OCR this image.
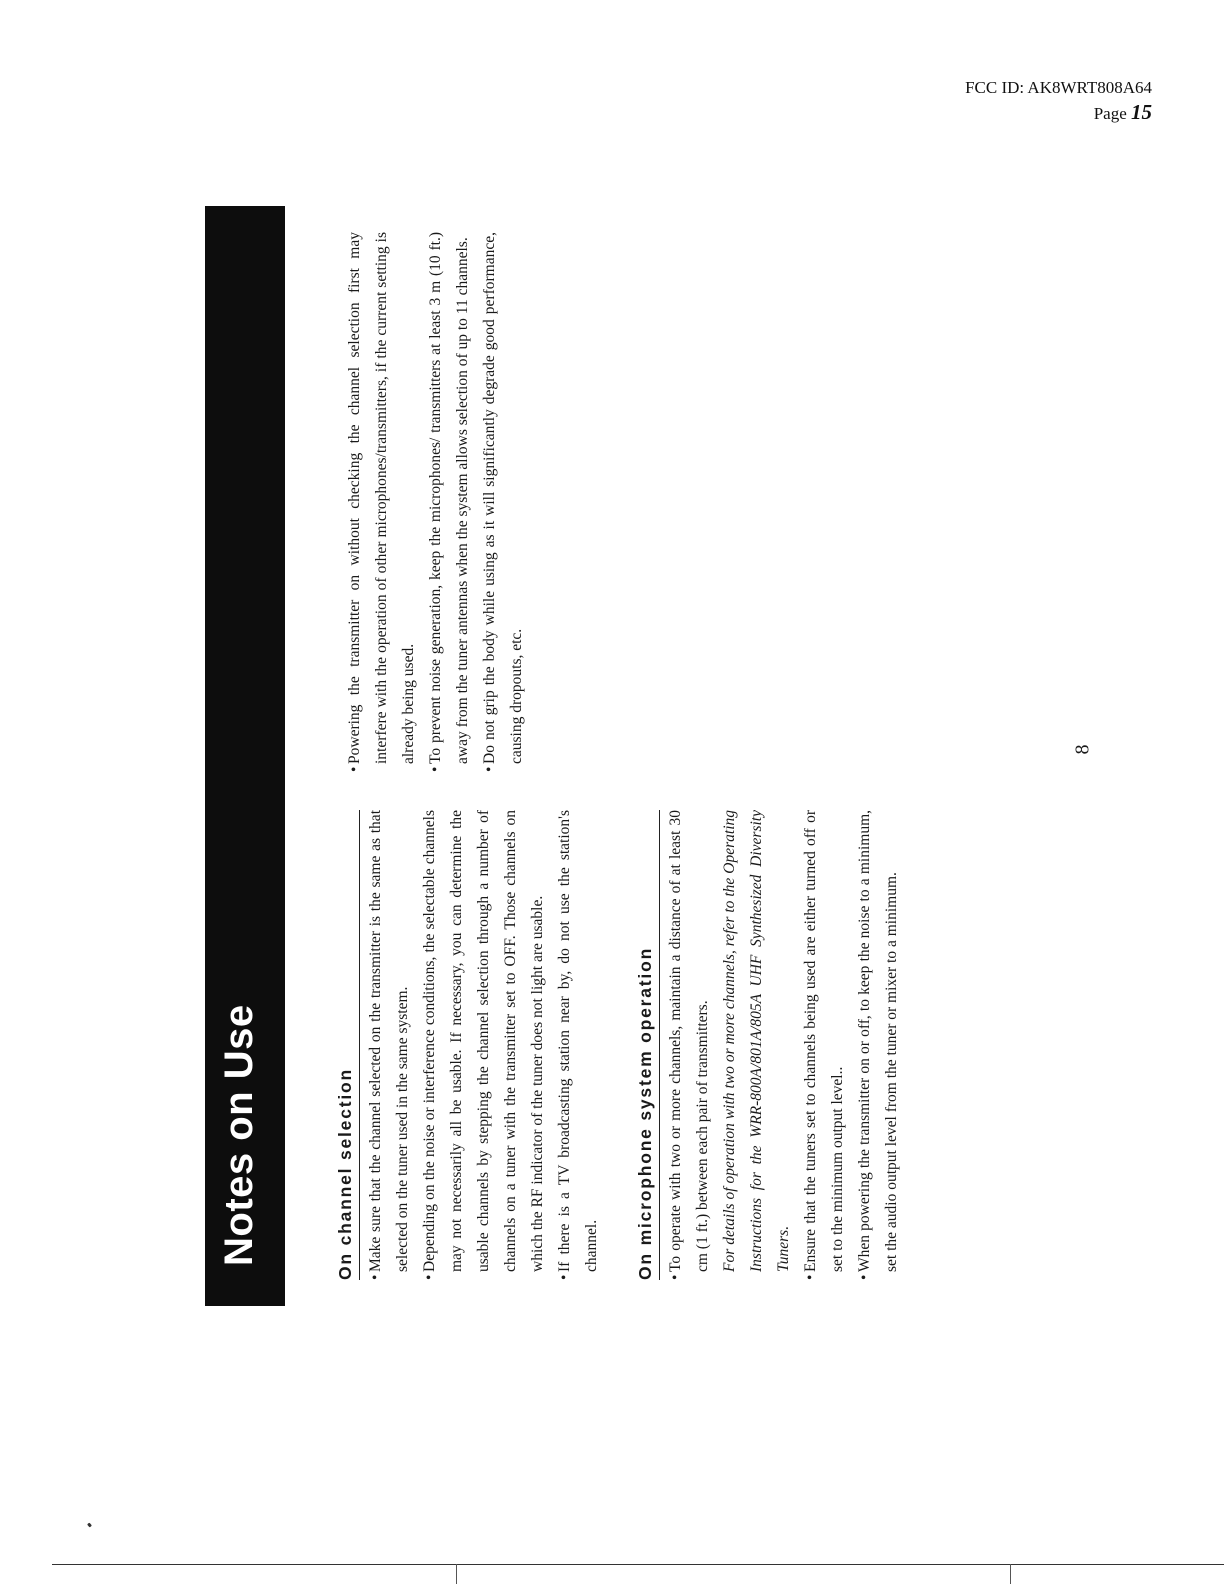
FCC ID: AK8WRT808A64
Page 15
Notes on Use	On channel selection •
Make sure that the channel selected on the transmitter is the same as that selected on the tuner used in the same system.

•
Depending on the noise or interference conditions, the selectable channels may not necessarily all be usable. If necessary, you can determine the usable channels by stepping the channel selection through a number of channels on a tuner with the transmitter set to OFF. Those channels on which the RF indicator of the tuner does not light are usable.

•
If there is a TV broadcasting station near by, do not use the station's channel. On microphone system operation •
To operate with two or more channels, maintain a distance of at least 30 cm (1 ft.) between each pair of transmitters. For details of operation with two or more channels, refer to the Operating Instructions for the WRR-800A/801A/805A UHF Synthesized Diversity Tuners.

•
Ensure that the tuners set to channels being used are either turned off or set to the minimum output level..

•
When powering the transmitter on or off, to keep the noise to a minimum, set the audio output level from the tuner or mixer to a minimum.

•
Powering the transmitter on without checking the channel selection first may interfere with the operation of other microphones/transmitters, if the current setting is already being used.

•
To prevent noise generation, keep the microphones/ transmitters at least 3 m (10 ft.) away from the tuner antennas when the system allows selection of up to 11 channels.

•
Do not grip the body while using as it will significantly degrade good performance, causing dropouts, etc.	8
